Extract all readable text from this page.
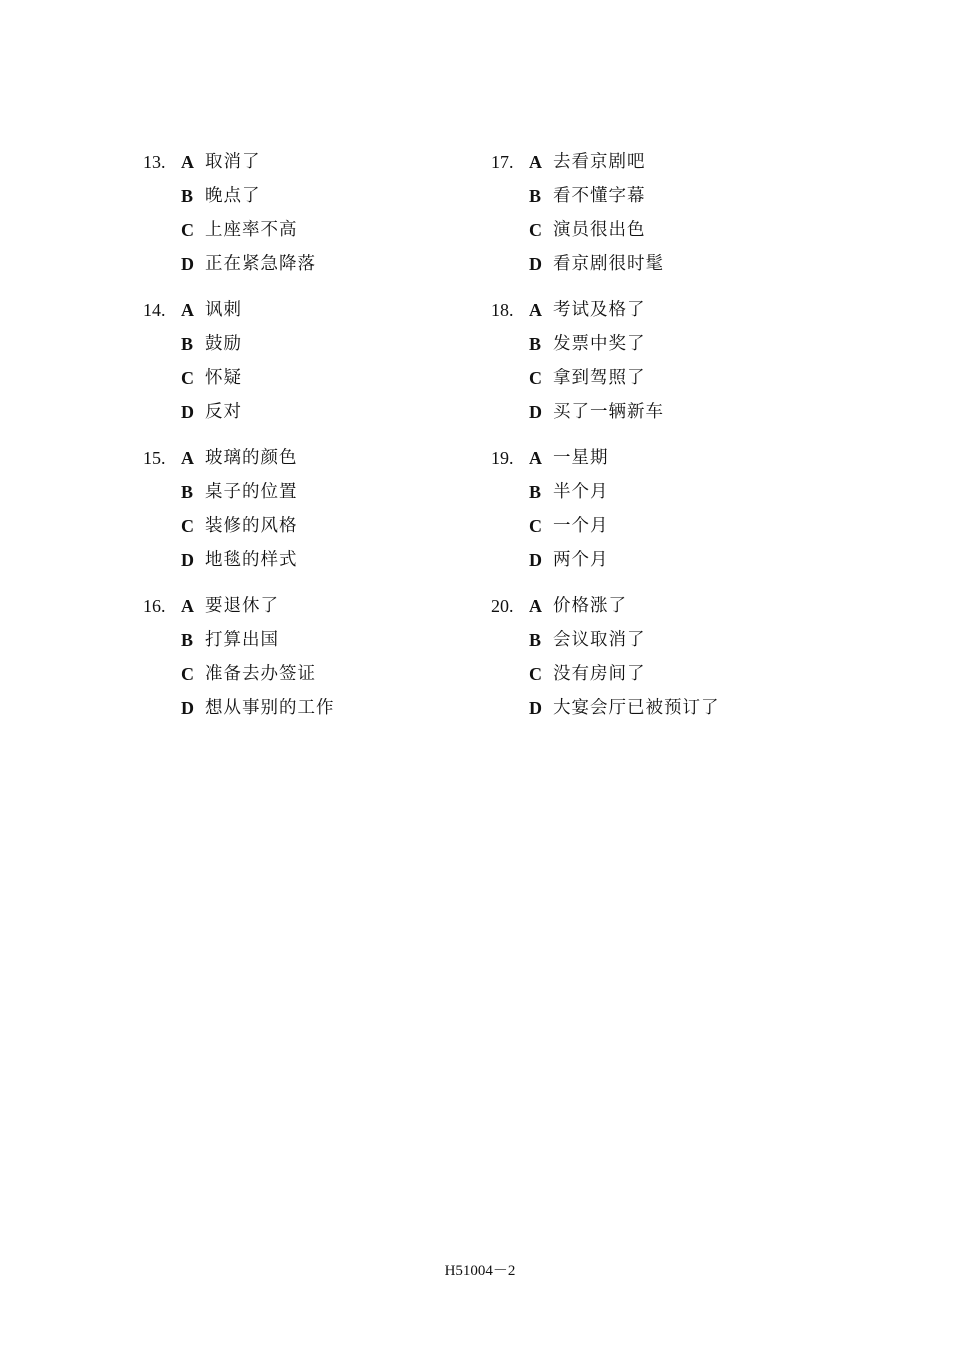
13. A 取消了
B 晚点了
C 上座率不高
D 正在紧急降落
14. A 讽刺
B 鼓励
C 怀疑
D 反对
15. A 玻璃的颜色
B 桌子的位置
C 装修的风格
D 地毯的样式
16. A 要退休了
B 打算出国
C 准备去办签证
D 想从事别的工作
17. A 去看京剧吧
B 看不懂字幕
C 演员很出色
D 看京剧很时髦
18. A 考试及格了
B 发票中奖了
C 拿到驾照了
D 买了一辆新车
19. A 一星期
B 半个月
C 一个月
D 两个月
20. A 价格涨了
B 会议取消了
C 没有房间了
D 大宴会厅已被预订了
H51004－2
